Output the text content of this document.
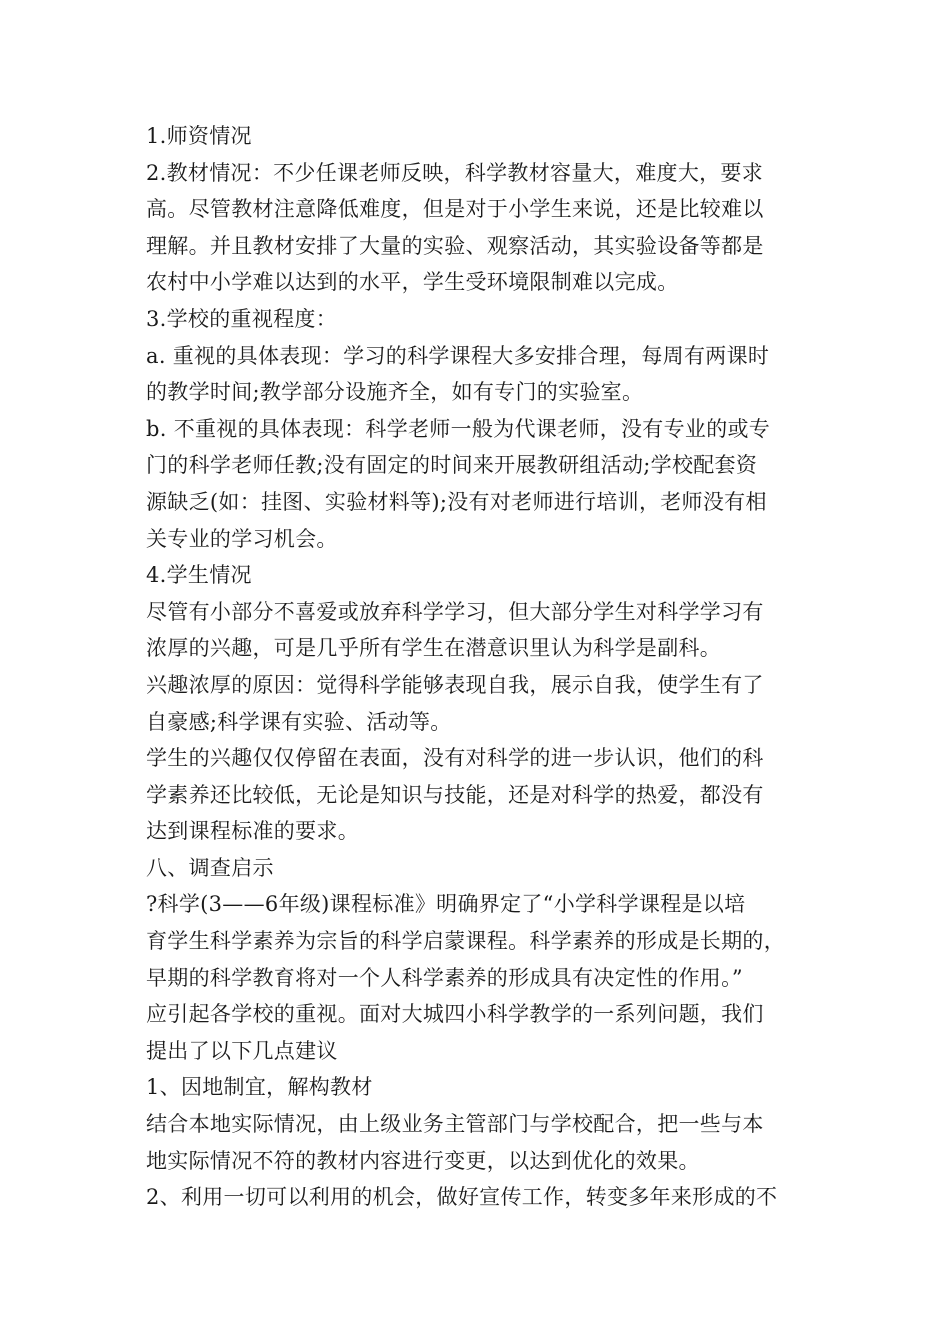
1.师资情况
2.教材情况：不少任课老师反映，科学教材容量大，难度大，要求
高。尽管教材注意降低难度，但是对于小学生来说，还是比较难以
理解。并且教材安排了大量的实验、观察活动，其实验设备等都是
农村中小学难以达到的水平，学生受环境限制难以完成。
3.学校的重视程度：
a. 重视的具体表现：学习的科学课程大多安排合理，每周有两课时
的教学时间;教学部分设施齐全，如有专门的实验室。
b. 不重视的具体表现：科学老师一般为代课老师，没有专业的或专
门的科学老师任教;没有固定的时间来开展教研组活动;学校配套资
源缺乏(如：挂图、实验材料等);没有对老师进行培训，老师没有相
关专业的学习机会。
4.学生情况
尽管有小部分不喜爱或放弃科学学习，但大部分学生对科学学习有
浓厚的兴趣，可是几乎所有学生在潜意识里认为科学是副科。
兴趣浓厚的原因：觉得科学能够表现自我，展示自我，使学生有了
自豪感;科学课有实验、活动等。
学生的兴趣仅仅停留在表面，没有对科学的进一步认识，他们的科
学素养还比较低，无论是知识与技能，还是对科学的热爱，都没有
达到课程标准的要求。
八、调查启示
?科学(3——6年级)课程标准》明确界定了“小学科学课程是以培
育学生科学素养为宗旨的科学启蒙课程。科学素养的形成是长期的，
早期的科学教育将对一个人科学素养的形成具有决定性的作用。”
应引起各学校的重视。面对大城四小科学教学的一系列问题，我们
提出了以下几点建议
1、因地制宜，解构教材
结合本地实际情况，由上级业务主管部门与学校配合，把一些与本
地实际情况不符的教材内容进行变更，以达到优化的效果。
2、利用一切可以利用的机会，做好宣传工作，转变多年来形成的不
